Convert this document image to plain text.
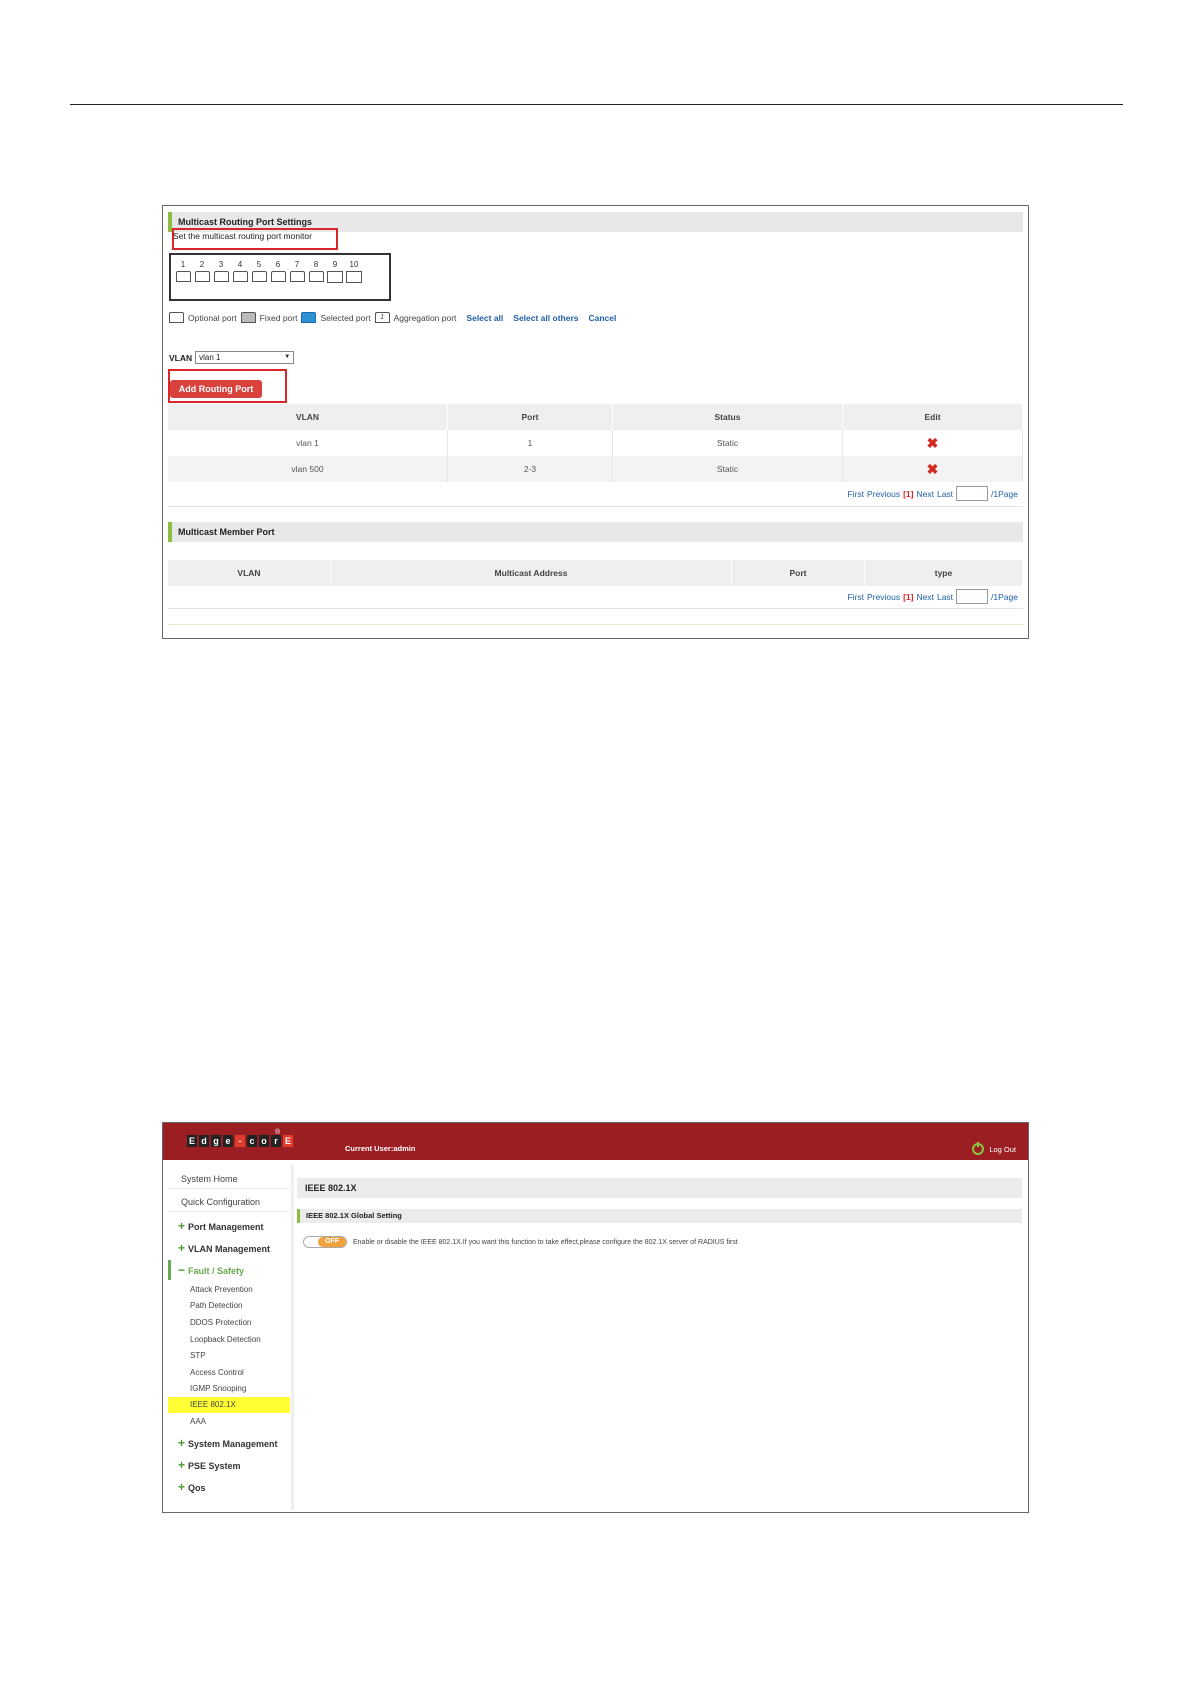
Multicast Routing Port Settings
Set the multicast routing port monitor
1	2	3	4	5	6	7	8	9	10
Optional port	Fixed port	Selected port	1	Aggregation port Select all Select all others Cancel
VLAN vlan 1 ▼
Add Routing Port
VLAN	Port	Status	Edit
vlan 1	1	Static	✖
vlan 500	2-3	Static	✖
First Previous [1] Next Last	/1Page
Multicast Member Port
VLAN	Multicast Address	Port	type
First Previous [1] Next Last	/1Page
E d g e - c o r E
®
Current User:admin	Log Out
System Home
Quick Configuration
+ Port Management
+ VLAN Management
− Fault / Safety
Attack Prevention
Path Detection
DDOS Protection
Loopback Detection
STP
Access Control
IGMP Snooping
IEEE 802.1X
AAA
+ System Management
+ PSE System
+ Qos
IEEE 802.1X
IEEE 802.1X Global Setting
OFF	Enable or disable the IEEE 802.1X.If you want this function to take effect,please configure the 802.1X server of RADIUS first
